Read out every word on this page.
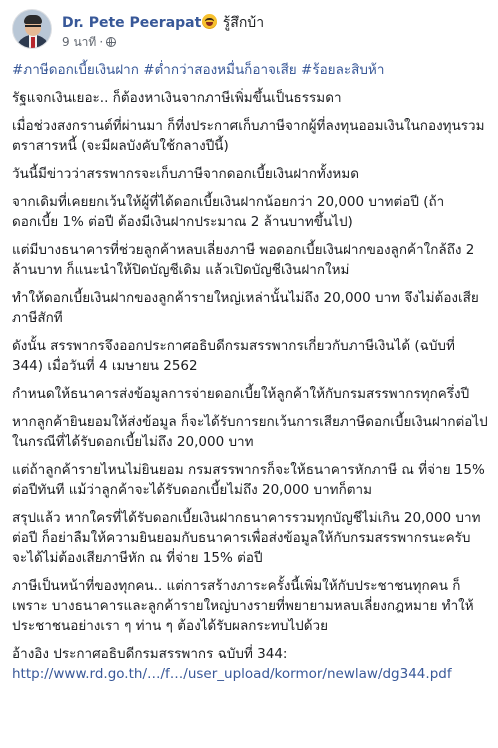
Dr. Pete Peerapat รู้สึกบ้า
9 นาที ·

#ภาษีดอกเบี้ยเงินฝาก #ต่ำกว่าสองหมื่นก็อาจเสีย #ร้อยละสิบห้า

รัฐแจกเงินเยอะ.. ก็ต้องหาเงินจากภาษีเพิ่มขึ้นเป็นธรรมดา

เมื่อช่วงสงกรานต์ที่ผ่านมา ก็ที่งประกาศเก็บภาษีจากผู้ที่ลงทุนออมเงินในกองทุนรวมตราสารหนี้ (จะมีผลบังคับใช้กลางปีนี้)

วันนี้มีข่าวว่าสรรพากรจะเก็บภาษีจากดอกเบี้ยเงินฝากทั้งหมด

จากเดิมที่เคยยกเว้นให้ผู้ที่ได้ดอกเบี้ยเงินฝากน้อยกว่า 20,000 บาทต่อปี (ถ้าดอกเบี้ย 1% ต่อปี ต้องมีเงินฝากประมาณ 2 ล้านบาทขึ้นไป)

แต่มีบางธนาคารที่ช่วยลูกค้าหลบเลี่ยงภาษี พอดอกเบี้ยเงินฝากของลูกค้าใกล้ถึง 2 ล้านบาท ก็แนะนำให้ปิดบัญชีเดิม แล้วเปิดบัญชีเงินฝากใหม่

ทำให้ดอกเบี้ยเงินฝากของลูกค้ารายใหญ่เหล่านั้นไม่ถึง 20,000 บาท จึงไม่ต้องเสียภาษีสักที

ดังนั้น สรรพากรจึงออกประกาศอธิบดีกรมสรรพากรเกี่ยวกับภาษีเงินได้ (ฉบับที่ 344) เมื่อวันที่ 4 เมษายน 2562

กำหนดให้ธนาคารส่งข้อมูลการจ่ายดอกเบี้ยให้ลูกค้าให้กับกรมสรรพากรทุกครึ่งปี

หากลูกค้ายินยอมให้ส่งข้อมูล ก็จะได้รับการยกเว้นการเสียภาษีดอกเบี้ยเงินฝากต่อไปในกรณีที่ได้รับดอกเบี้ยไม่ถึง 20,000 บาท

แต่ถ้าลูกค้ารายไหนไม่ยินยอม กรมสรรพากรก็จะให้ธนาคารหักภาษี ณ ที่จ่าย 15% ต่อปีทันที แม้ว่าลูกค้าจะได้รับดอกเบี้ยไม่ถึง 20,000 บาทก็ตาม

สรุปแล้ว หากใครที่ได้รับดอกเบี้ยเงินฝากธนาคารรวมทุกบัญชีไม่เกิน 20,000 บาทต่อปี ก็อย่าลืมให้ความยินยอมกับธนาคารเพื่อส่งข้อมูลให้กับกรมสรรพากรนะครับ จะได้ไม่ต้องเสียภาษีหัก ณ ที่จ่าย 15% ต่อปี

ภาษีเป็นหน้าที่ของทุกคน.. แต่การสร้างภาระครั้งนี้เพิ่มให้กับประชาชนทุกคน ก็เพราะ บางธนาคารและลูกค้ารายใหญ่บางรายที่พยายามหลบเลี่ยงกฎหมาย ทำให้ประชาชนอย่างเรา ๆ ท่าน ๆ ต้องได้รับผลกระทบไปด้วย

อ้างอิง ประกาศอธิบดีกรมสรรพากร ฉบับที่ 344: http://www.rd.go.th/…/f…/user_upload/kormor/newlaw/dg344.pdf
